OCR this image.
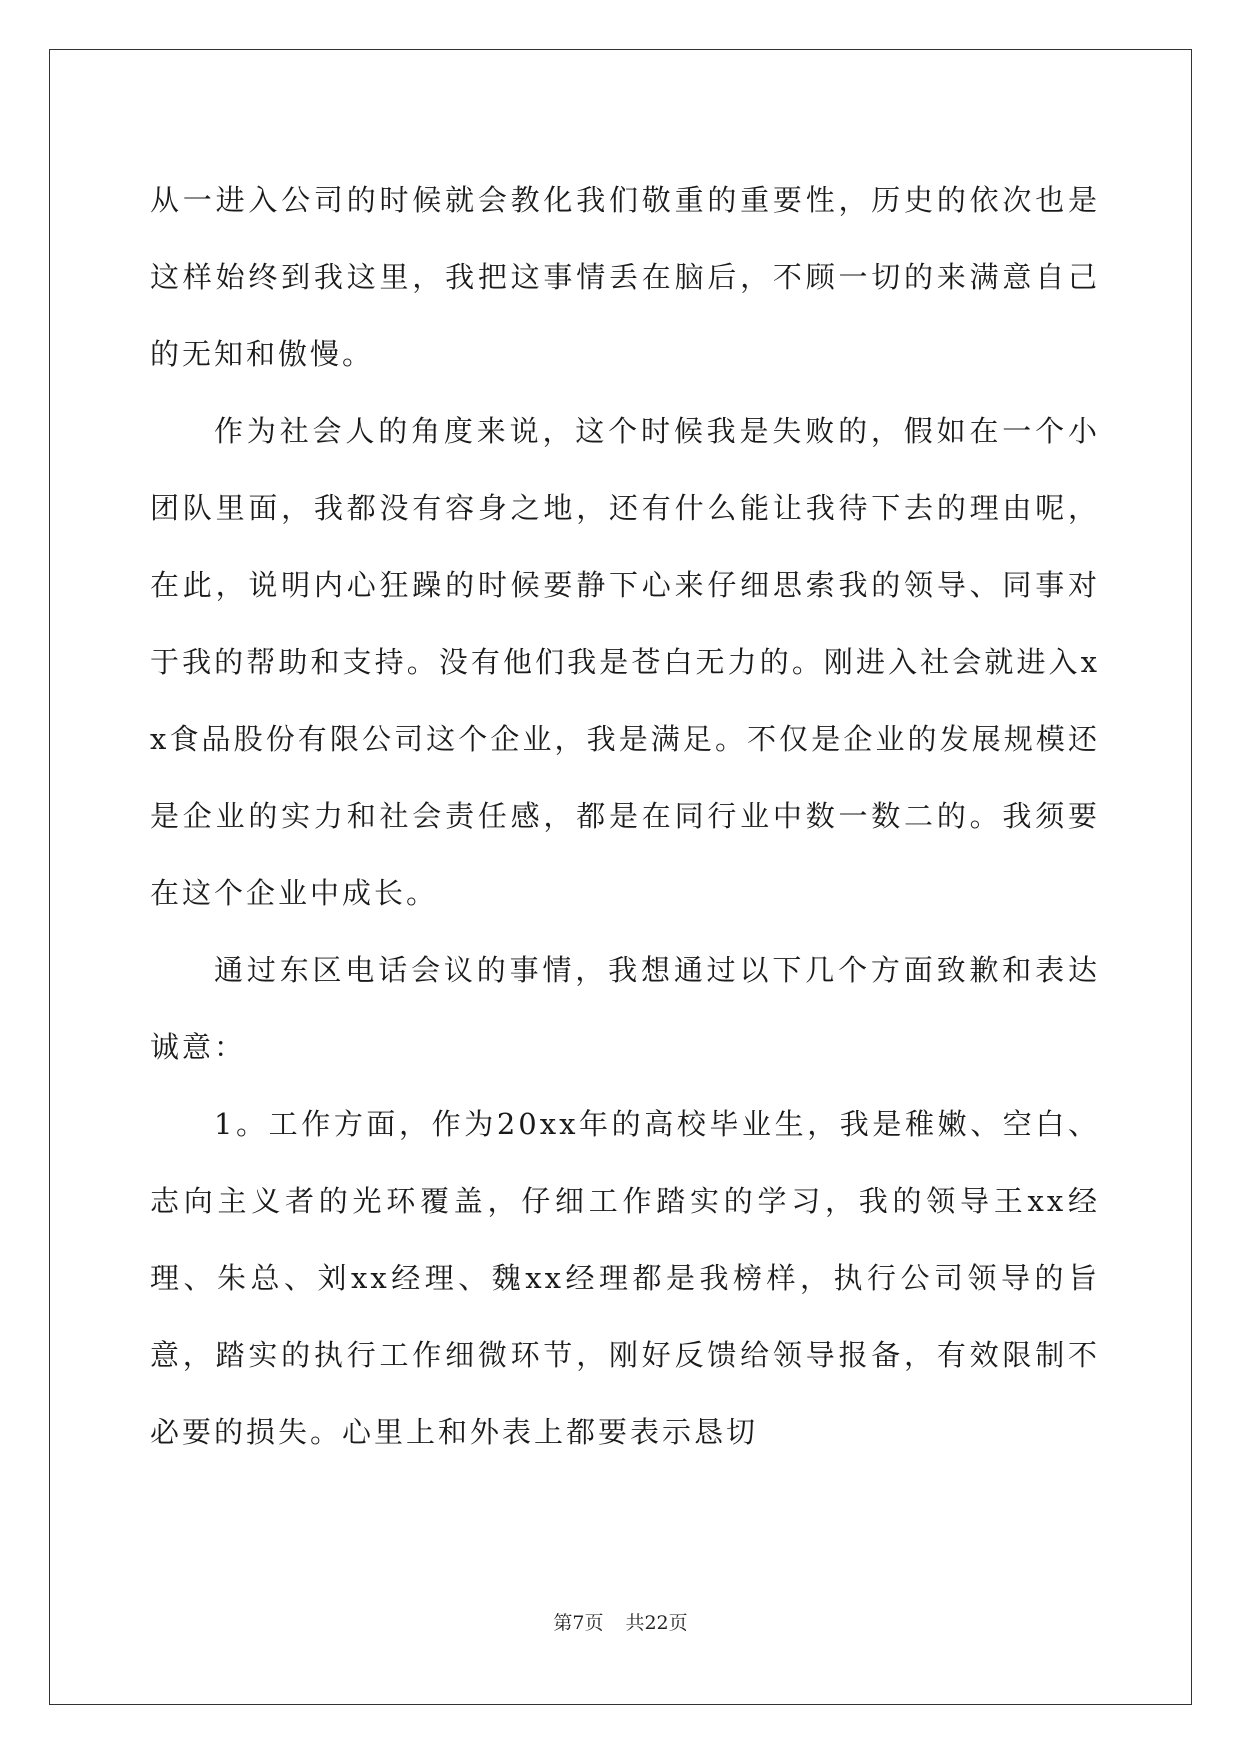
从一进入公司的时候就会教化我们敬重的重要性，历史的依次也是这样始终到我这里，我把这事情丢在脑后，不顾一切的来满意自己的无知和傲慢。

作为社会人的角度来说，这个时候我是失败的，假如在一个小团队里面，我都没有容身之地，还有什么能让我待下去的理由呢，在此，说明内心狂躁的时候要静下心来仔细思索我的领导、同事对于我的帮助和支持。没有他们我是苍白无力的。刚进入社会就进入xx食品股份有限公司这个企业，我是满足。不仅是企业的发展规模还是企业的实力和社会责任感，都是在同行业中数一数二的。我须要在这个企业中成长。

通过东区电话会议的事情，我想通过以下几个方面致歉和表达诚意：

1。工作方面，作为20xx年的高校毕业生，我是稚嫩、空白、志向主义者的光环覆盖，仔细工作踏实的学习，我的领导王xx经理、朱总、刘xx经理、魏xx经理都是我榜样，执行公司领导的旨意，踏实的执行工作细微环节，刚好反馈给领导报备，有效限制不必要的损失。心里上和外表上都要表示恳切

第7页 共22页
